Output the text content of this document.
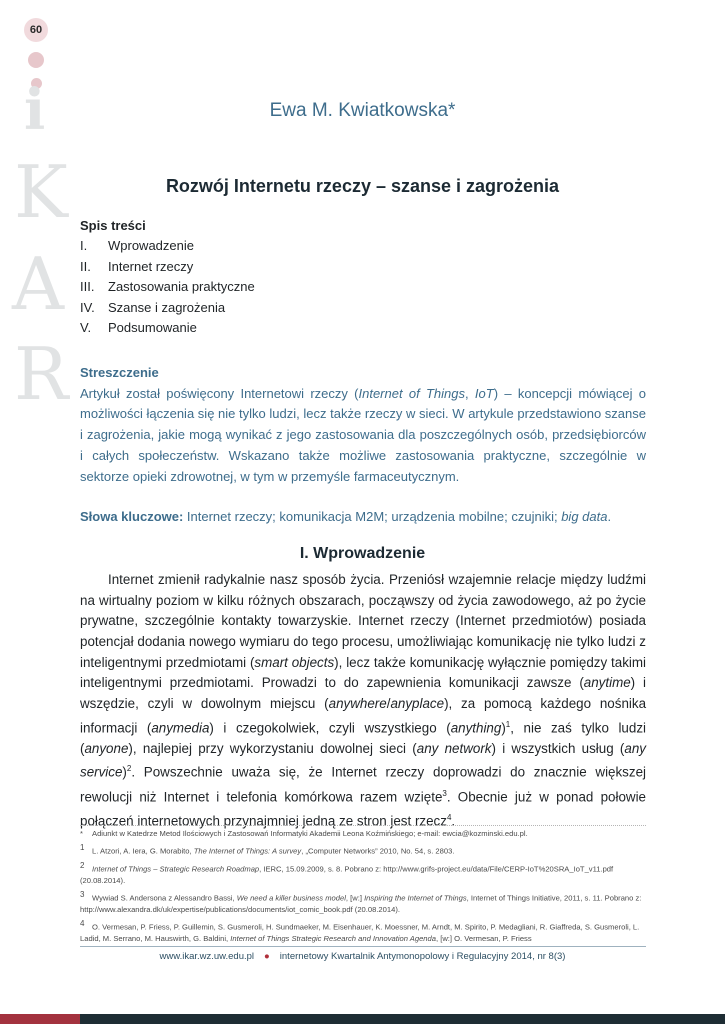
60
i
K
A
R
Ewa M. Kwiatkowska*
Rozwój Internetu rzeczy – szanse i zagrożenia
Spis treści
I. Wprowadzenie
II. Internet rzeczy
III. Zastosowania praktyczne
IV. Szanse i zagrożenia
V. Podsumowanie
Streszczenie
Artykuł został poświęcony Internetowi rzeczy (Internet of Things, IoT) – koncepcji mówiącej o możliwości łączenia się nie tylko ludzi, lecz także rzeczy w sieci. W artykule przedstawiono szanse i zagrożenia, jakie mogą wynikać z jego zastosowania dla poszczególnych osób, przedsiębiorców i całych społeczeństw. Wskazano także możliwe zastosowania praktyczne, szczególnie w sektorze opieki zdrowotnej, w tym w przemyśle farmaceutycznym.
Słowa kluczowe: Internet rzeczy; komunikacja M2M; urządzenia mobilne; czujniki; big data.
I. Wprowadzenie
Internet zmienił radykalnie nasz sposób życia. Przeniósł wzajemnie relacje między ludźmi na wirtualny poziom w kilku różnych obszarach, począwszy od życia zawodowego, aż po życie prywatne, szczególnie kontakty towarzyskie. Internet rzeczy (Internet przedmiotów) posiada potencjał dodania nowego wymiaru do tego procesu, umożliwiając komunikację nie tylko ludzi z inteligentnymi przedmiotami (smart objects), lecz także komunikację wyłącznie pomiędzy takimi inteligentnymi przedmiotami. Prowadzi to do zapewnienia komunikacji zawsze (anytime) i wszędzie, czyli w dowolnym miejscu (anywhere/anyplace), za pomocą każdego nośnika informacji (anymedia) i czegokolwiek, czyli wszystkiego (anything)$^1$, nie zaś tylko ludzi (anyone), najlepiej przy wykorzystaniu dowolnej sieci (any network) i wszystkich usług (any service)$^2$. Powszechnie uważa się, że Internet rzeczy doprowadzi do znacznie większej rewolucji niż Internet i telefonia komórkowa razem wzięte$^3$. Obecnie już w ponad połowie połączeń internetowych przynajmniej jedną ze stron jest rzecz$^4$.
* Adiunkt w Katedrze Metod Ilościowych i Zastosowań Informatyki Akademii Leona Koźmińskiego; e-mail: ewcia@kozminski.edu.pl.
$^1$ L. Atzori, A. Iera, G. Morabito, The Internet of Things: A survey, „Computer Networks” 2010, No. 54, s. 2803.
$^2$ Internet of Things – Strategic Research Roadmap, IERC, 15.09.2009, s. 8. Pobrano z: http://www.grifs-project.eu/data/File/CERP-IoT%20SRA_IoT_v11.pdf (20.08.2014).
$^3$ Wywiad S. Andersona z Alessandro Bassi, We need a killer business model, [w:] Inspiring the Internet of Things, Internet of Things Initiative, 2011, s. 11. Pobrano z: http://www.alexandra.dk/uk/expertise/publications/documents/iot_comic_book.pdf (20.08.2014).
$^4$ O. Vermesan, P. Friess, P. Guillemin, S. Gusmeroli, H. Sundmaeker, M. Eisenhauer, K. Moessner, M. Arndt, M. Spirito, P. Medagliani, R. Giaffreda, S. Gusmeroli, L. Ladid, M. Serrano, M. Hauswirth, G. Baldini, Internet of Things Strategic Research and Innovation Agenda, [w:] O. Vermesan, P. Friess
www.ikar.wz.uw.edu.pl ● internetowy Kwartalnik Antymonopolowy i Regulacyjny 2014, nr 8(3)
